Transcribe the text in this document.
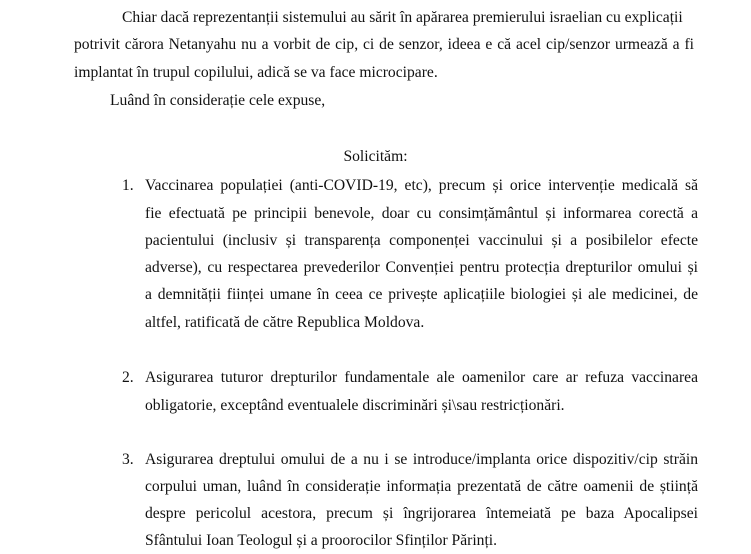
Chiar dacă reprezentanții sistemului au sărit în apărarea premierului israelian cu explicații
potrivit cărora Netanyahu nu a vorbit de cip, ci de senzor, ideea e că acel cip/senzor urmează a fi
implantat în trupul copilului, adică se va face microcipare.
Luând în considerație cele expuse,
Solicităm:
1. Vaccinarea populației (anti-COVID-19, etc), precum și orice intervenție medicală să
fie efectuată pe principii benevole, doar cu consimțământul și informarea corectă a
pacientului (inclusiv și transparența componenței vaccinului și a posibilelor efecte
adverse), cu respectarea prevederilor Convenției pentru protecția drepturilor omului și
a demnității ființei umane în ceea ce privește aplicațiile biologiei și ale medicinei, de
altfel, ratificată de către Republica Moldova.
2. Asigurarea tuturor drepturilor fundamentale ale oamenilor care ar refuza vaccinarea
obligatorie, exceptând eventualele discriminări și\sau restricționări.
3. Asigurarea dreptului omului de a nu i se introduce/implanta orice dispozitiv/cip străin
corpului uman, luând în considerație informația prezentată de către oamenii de știință
despre pericolul acestora, precum și îngrijorarea întemeiată pe baza Apocalipsei
Sfântului Ioan Teologul și a proorocilor Sfinților Părinți.
